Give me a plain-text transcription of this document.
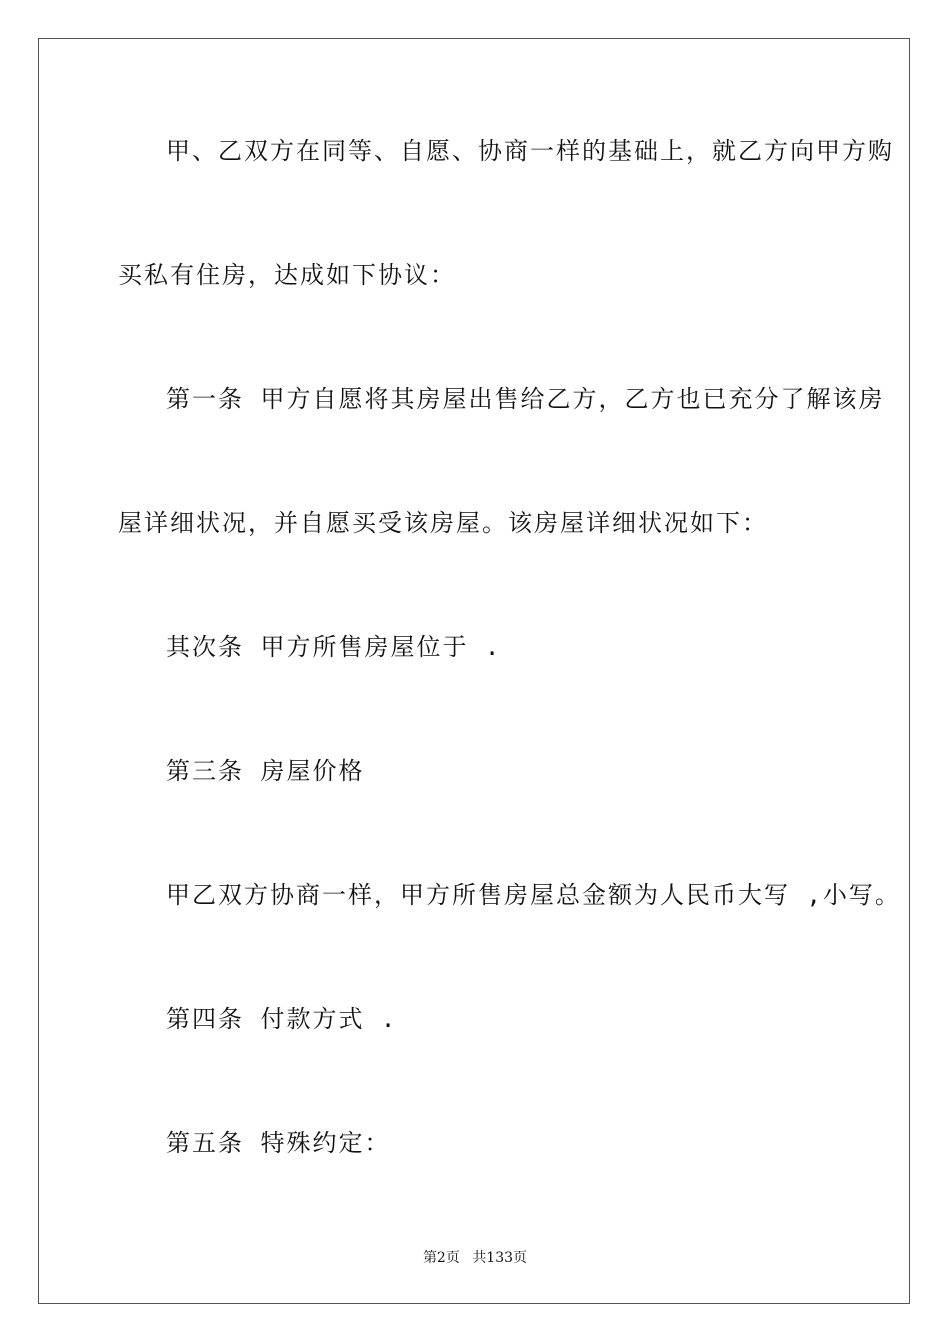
甲、乙双方在同等、自愿、协商一样的基础上，就乙方向甲方购
买私有住房，达成如下协议：
第一条 甲方自愿将其房屋出售给乙方，乙方也已充分了解该房
屋详细状况，并自愿买受该房屋。该房屋详细状况如下：
其次条 甲方所售房屋位于 .
第三条 房屋价格
甲乙双方协商一样，甲方所售房屋总金额为人民币大写 ,小写。
第四条 付款方式 .
第五条 特殊约定：
第2页 共133页
